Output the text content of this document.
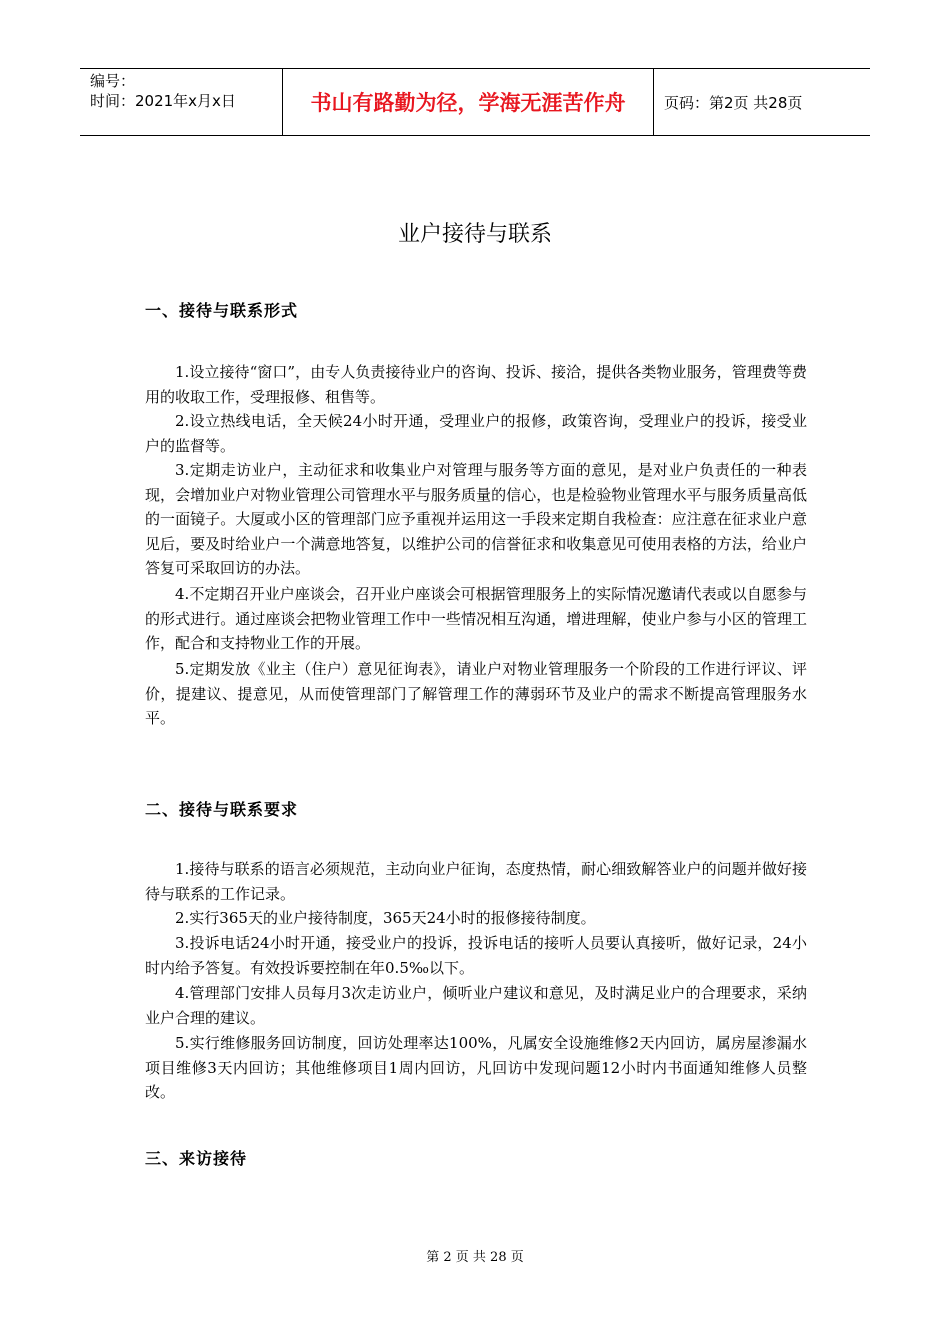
编号：
时间：2021年x月x日	书山有路勤为径，学海无涯苦作舟	页码：第2页 共28页
业户接待与联系
一、接待与联系形式

1.设立接待“窗口”，由专人负责接待业户的咨询、投诉、接洽，提供各类物业服务，管理费等费用的收取工作，受理报修、租售等。

2.设立热线电话，全天候24小时开通，受理业户的报修，政策咨询，受理业户的投诉，接受业户的监督等。

3.定期走访业户，主动征求和收集业户对管理与服务等方面的意见，是对业户负责任的一种表现，会增加业户对物业管理公司管理水平与服务质量的信心，也是检验物业管理水平与服务质量高低的一面镜子。大厦或小区的管理部门应予重视并运用这一手段来定期自我检查：应注意在征求业户意见后，要及时给业户一个满意地答复，以维护公司的信誉征求和收集意见可使用表格的方法，给业户答复可采取回访的办法。

4.不定期召开业户座谈会，召开业户座谈会可根据管理服务上的实际情况邀请代表或以自愿参与的形式进行。通过座谈会把物业管理工作中一些情况相互沟通，增进理解，使业户参与小区的管理工作，配合和支持物业工作的开展。

5.定期发放《业主（住户）意见征询表》，请业户对物业管理服务一个阶段的工作进行评议、评价，提建议、提意见，从而使管理部门了解管理工作的薄弱环节及业户的需求不断提高管理服务水平。

二、接待与联系要求

1.接待与联系的语言必须规范，主动向业户征询，态度热情，耐心细致解答业户的问题并做好接待与联系的工作记录。

2.实行365天的业户接待制度，365天24小时的报修接待制度。

3.投诉电话24小时开通，接受业户的投诉，投诉电话的接听人员要认真接听，做好记录，24小时内给予答复。有效投诉要控制在年0.5‰以下。

4.管理部门安排人员每月3次走访业户，倾听业户建议和意见，及时满足业户的合理要求，采纳业户合理的建议。

5.实行维修服务回访制度，回访处理率达100%，凡属安全设施维修2天内回访，属房屋渗漏水项目维修3天内回访；其他维修项目1周内回访，凡回访中发现问题12小时内书面通知维修人员整改。

三、来访接待
第 2 页 共 28 页
